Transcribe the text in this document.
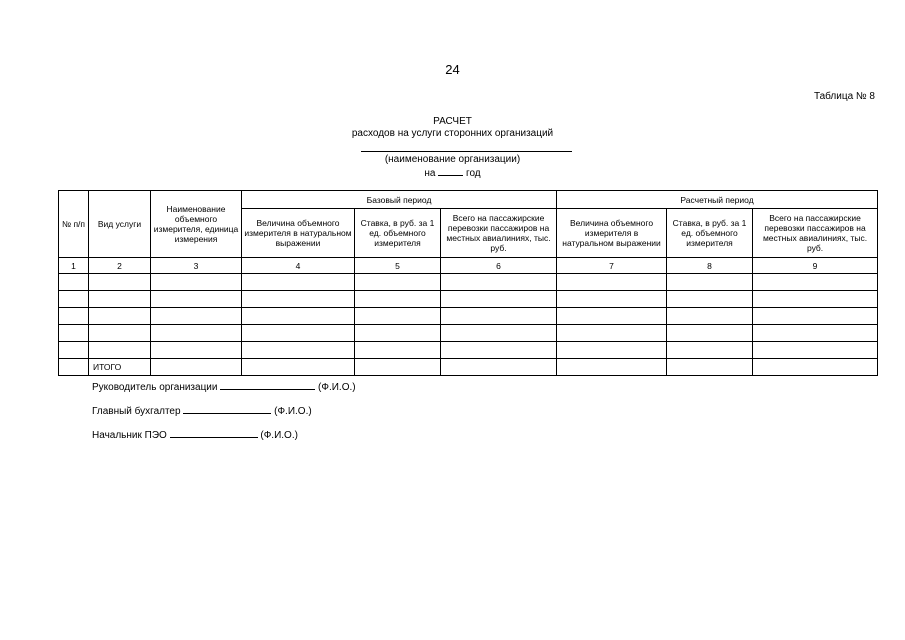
24
Таблица № 8
РАСЧЕТ
расходов на услуги сторонних организаций
(наименование организации)
на	год
№ п/п	Вид услуги	Наименование объемного измерителя, единица измерения	Базовый период			Расчетный период		
			Величина объемного измерителя в натуральном выражении	Ставка, в руб. за 1 ед. объемного измерителя	Всего на пассажирские перевозки пассажиров на местных авиалиниях, тыс. руб.	Величина объемного измерителя в натуральном выражении	Ставка, в руб. за 1 ед. объемного измерителя	Всего на пассажирские перевозки пассажиров на местных авиалиниях, тыс. руб.
1	2	3	4	5	6	7	8	9

	ИТОГО							
Руководитель организации	(Ф.И.О.)
Главный бухгалтер	(Ф.И.О.)
Начальник ПЭО	(Ф.И.О.)
